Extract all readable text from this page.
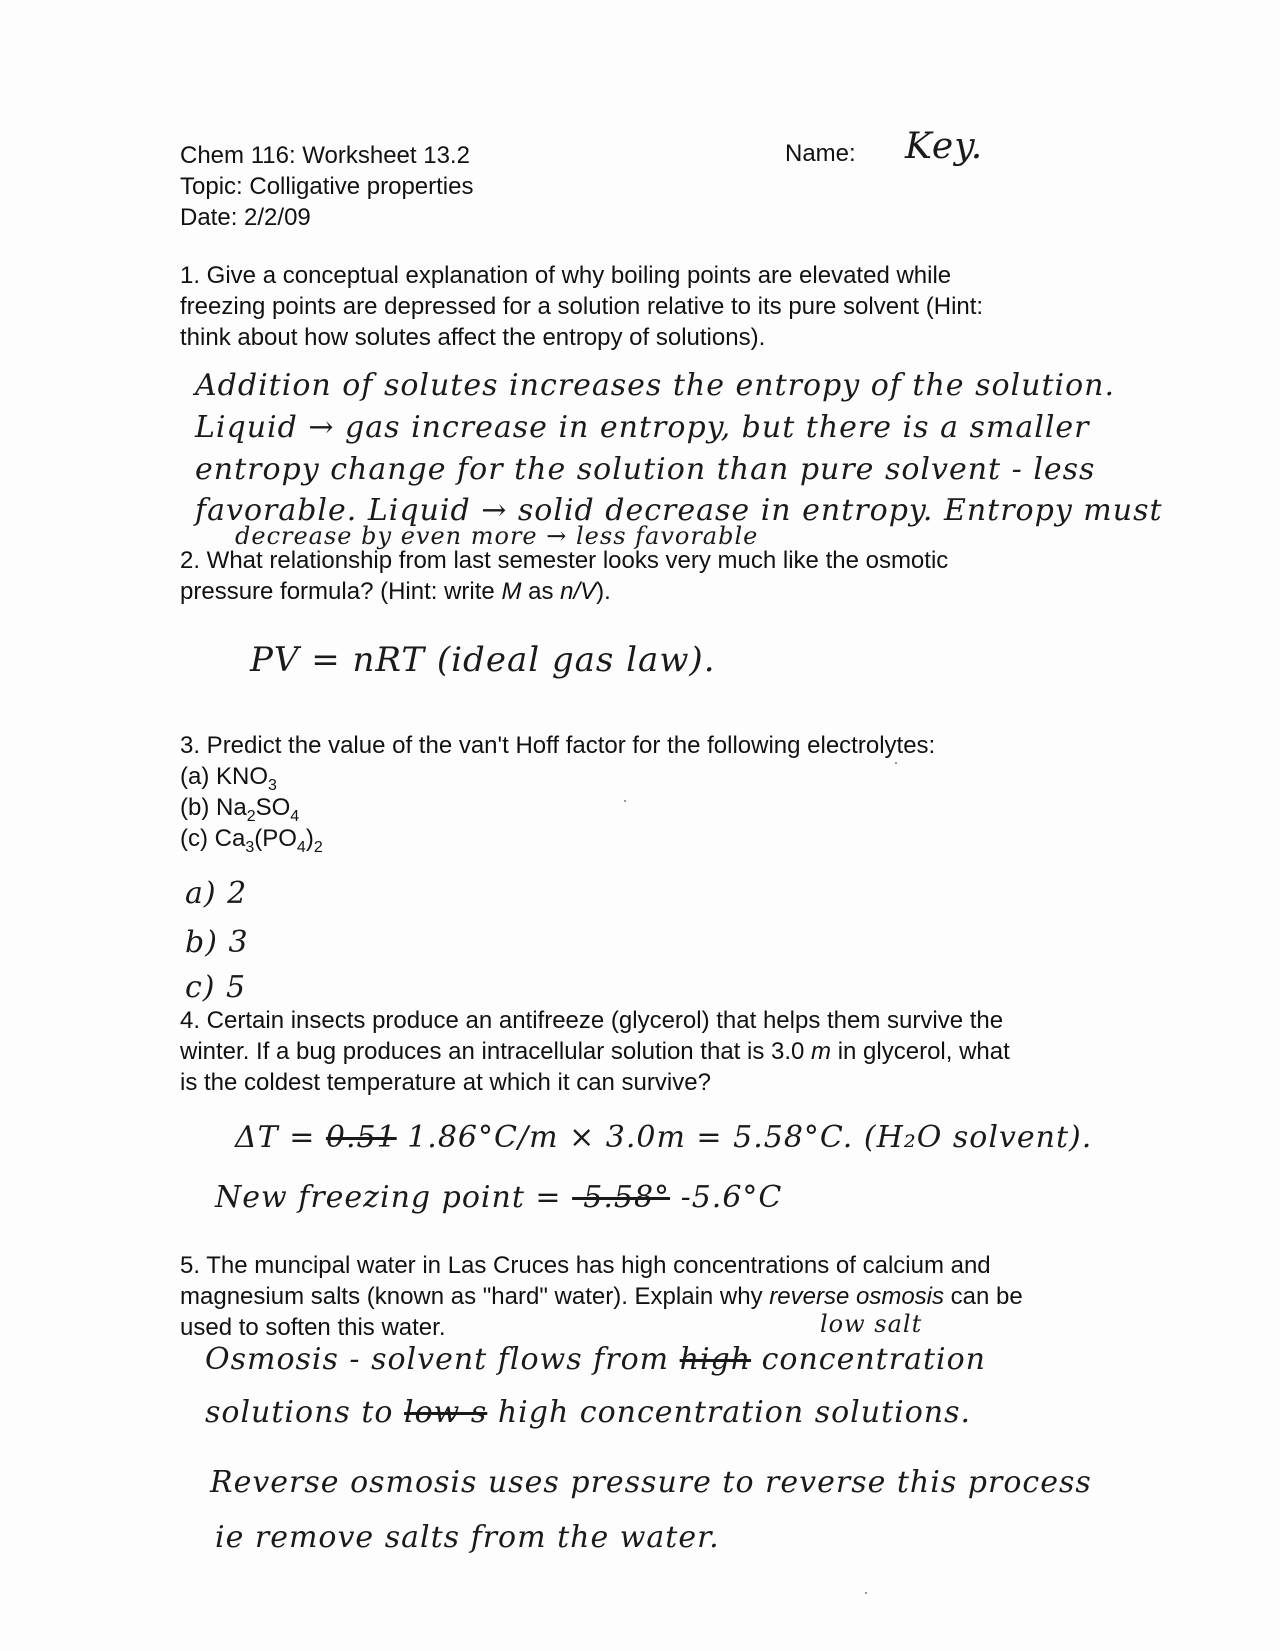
Chem 116: Worksheet 13.2

Topic: Colligative properties

Date: 2/2/09

Name: Key.

1. Give a conceptual explanation of why boiling points are elevated while

freezing points are depressed for a solution relative to its pure solvent (Hint:

think about how solutes affect the entropy of solutions).

Addition of solutes increases the entropy of the solution.
Liquid → gas increase in entropy, but there is a smaller
entropy change for the solution than pure solvent - less
favorable. Liquid → solid decrease in entropy. Entropy must
decrease by even more → less favorable

2. What relationship from last semester looks very much like the osmotic

pressure formula? (Hint: write M as n/V).

PV = nRT (ideal gas law).

3. Predict the value of the van't Hoff factor for the following electrolytes:

(a) $KNO_3$

(b) $Na_2SO_4$

(c) $Ca_3(PO_4)_2$

a) 2
b) 3
c) 5

4. Certain insects produce an antifreeze (glycerol) that helps them survive the

winter. If a bug produces an intracellular solution that is 3.0 m in glycerol, what

is the coldest temperature at which it can survive?

ΔT = 0.51 1.86°C/m × 3.0m = 5.58°C. (H₂O solvent).
New freezing point = -5.58° -5.6°C

5. The muncipal water in Las Cruces has high concentrations of calcium and

magnesium salts (known as "hard" water). Explain why reverse osmosis can be

used to soften this water.	low salt
Osmosis - solvent flows from high concentration
solutions to low s high concentration solutions.
Reverse osmosis uses pressure to reverse this process
ie remove salts from the water.
